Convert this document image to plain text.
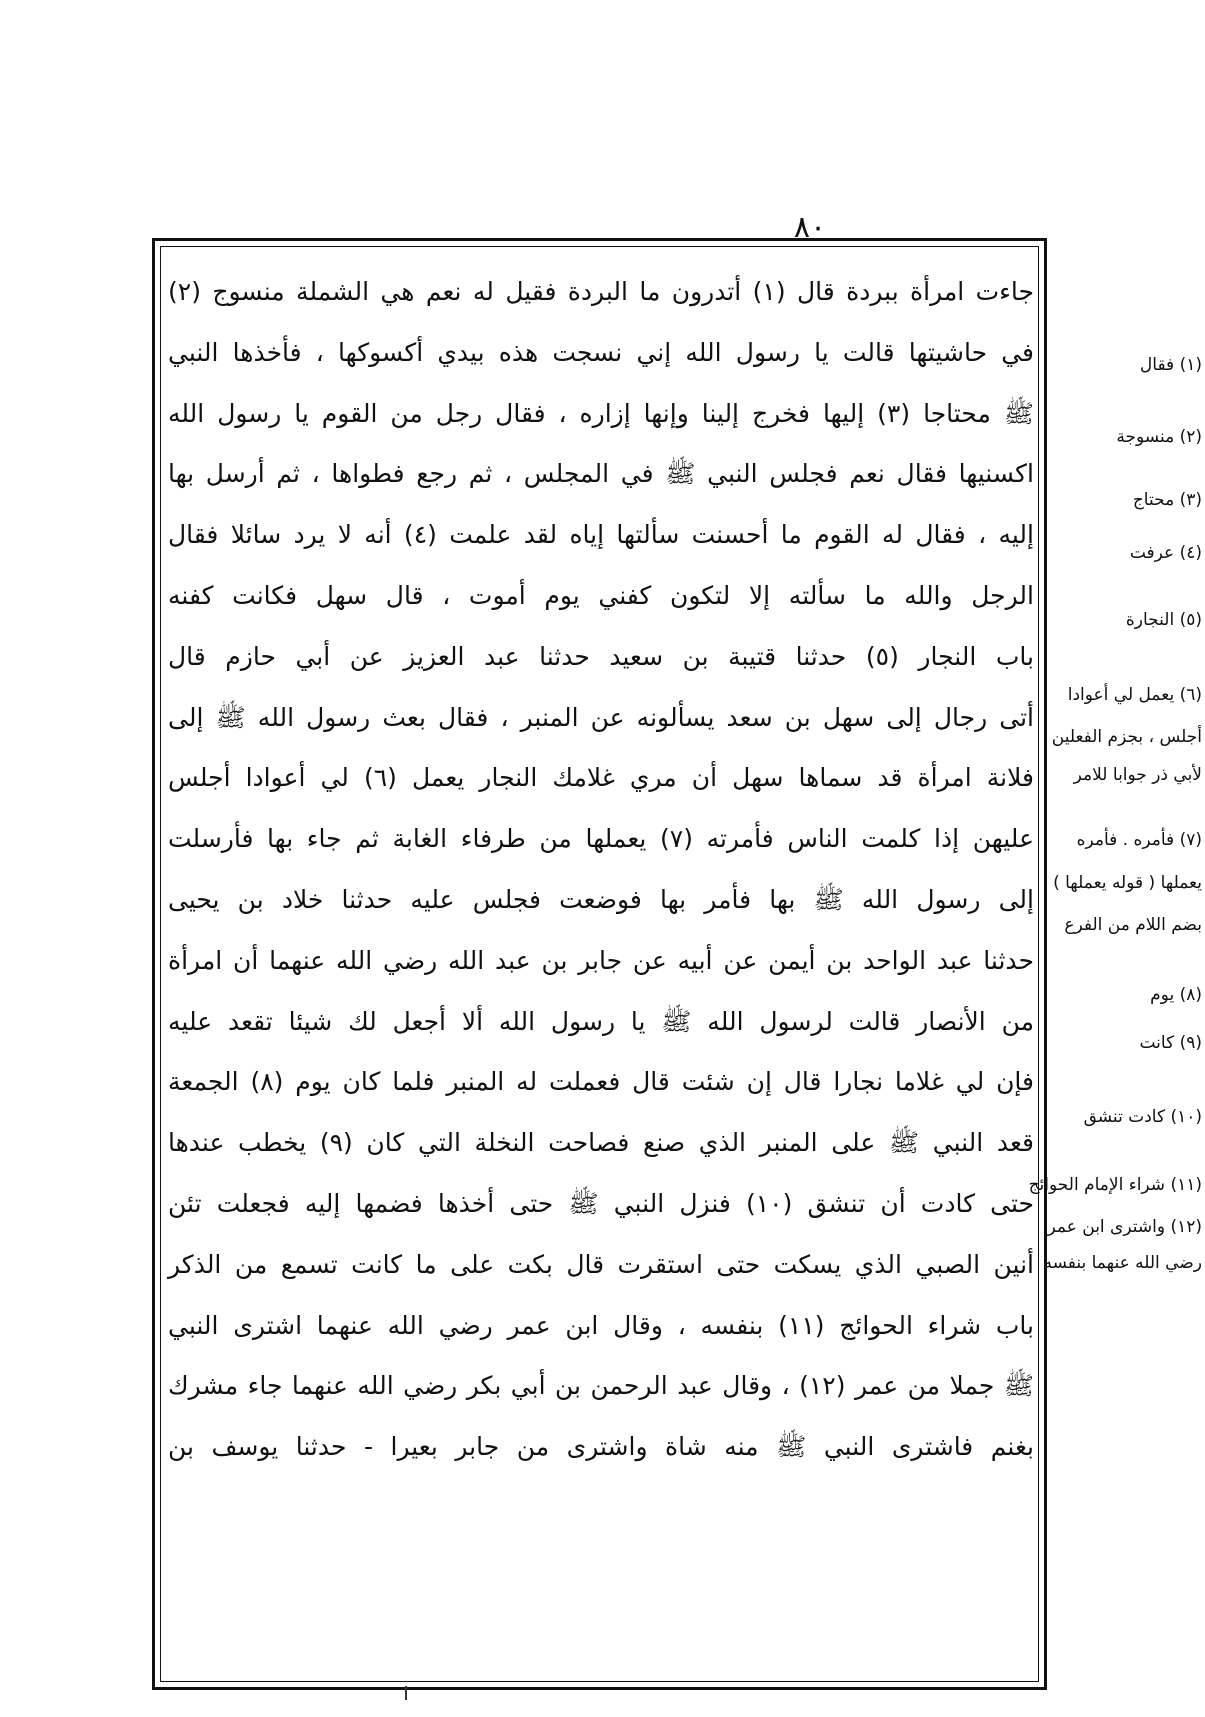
٨٠
جاءت امرأة ببردة قال (١) أتدرون ما البردة فقيل له نعم هي الشملة منسوج (٢)
في حاشيتها قالت يا رسول الله إني نسجت هذه بيدي أكسوكها ، فأخذها النبي
ﷺ محتاجا (٣) إليها فخرج إلينا وإنها إزاره ، فقال رجل من القوم يا رسول الله
اكسنيها فقال نعم فجلس النبي ﷺ في المجلس ، ثم رجع فطواها ، ثم أرسل بها
إليه ، فقال له القوم ما أحسنت سألتها إياه لقد علمت (٤) أنه لا يرد سائلا فقال
الرجل والله ما سألته إلا لتكون كفني يوم أموت ، قال سهل فكانت كفنه
باب النجار (٥) حدثنا قتيبة بن سعيد حدثنا عبد العزيز عن أبي حازم قال
أتى رجال إلى سهل بن سعد يسألونه عن المنبر ، فقال بعث رسول الله ﷺ إلى
فلانة امرأة قد سماها سهل أن مري غلامك النجار يعمل (٦) لي أعوادا أجلس
عليهن إذا كلمت الناس فأمرته (٧) يعملها من طرفاء الغابة ثم جاء بها فأرسلت
إلى رسول الله ﷺ بها فأمر بها فوضعت فجلس عليه حدثنا خلاد بن يحيى
حدثنا عبد الواحد بن أيمن عن أبيه عن جابر بن عبد الله رضي الله عنهما أن امرأة
من الأنصار قالت لرسول الله ﷺ يا رسول الله ألا أجعل لك شيئا تقعد عليه
فإن لي غلاما نجارا قال إن شئت قال فعملت له المنبر فلما كان يوم (٨) الجمعة
قعد النبي ﷺ على المنبر الذي صنع فصاحت النخلة التي كان (٩) يخطب عندها
حتى كادت أن تنشق (١٠) فنزل النبي ﷺ حتى أخذها فضمها إليه فجعلت تئن
أنين الصبي الذي يسكت حتى استقرت قال بكت على ما كانت تسمع من الذكر
باب شراء الحوائج (١١) بنفسه ، وقال ابن عمر رضي الله عنهما اشترى النبي
ﷺ جملا من عمر (١٢) ، وقال عبد الرحمن بن أبي بكر رضي الله عنهما جاء مشرك
بغنم فاشترى النبي ﷺ منه شاة واشترى من جابر بعيرا - حدثنا يوسف بن
(١) فقال
(٢) منسوجة
(٣) محتاج
(٤) عرفت
(٥) النجارة
(٦) يعمل لي أعوادا
أجلس ، بجزم الفعلين
لأبي ذر جوابا للامر
(٧) فأمره . فأمره
يعملها ( قوله يعملها )
بضم اللام من الفرع
(٨) يوم
(٩) كانت
(١٠) كادت تنشق
(١١) شراء الإمام الحوائج
(١٢) واشترى ابن عمر
رضي الله عنهما بنفسه
